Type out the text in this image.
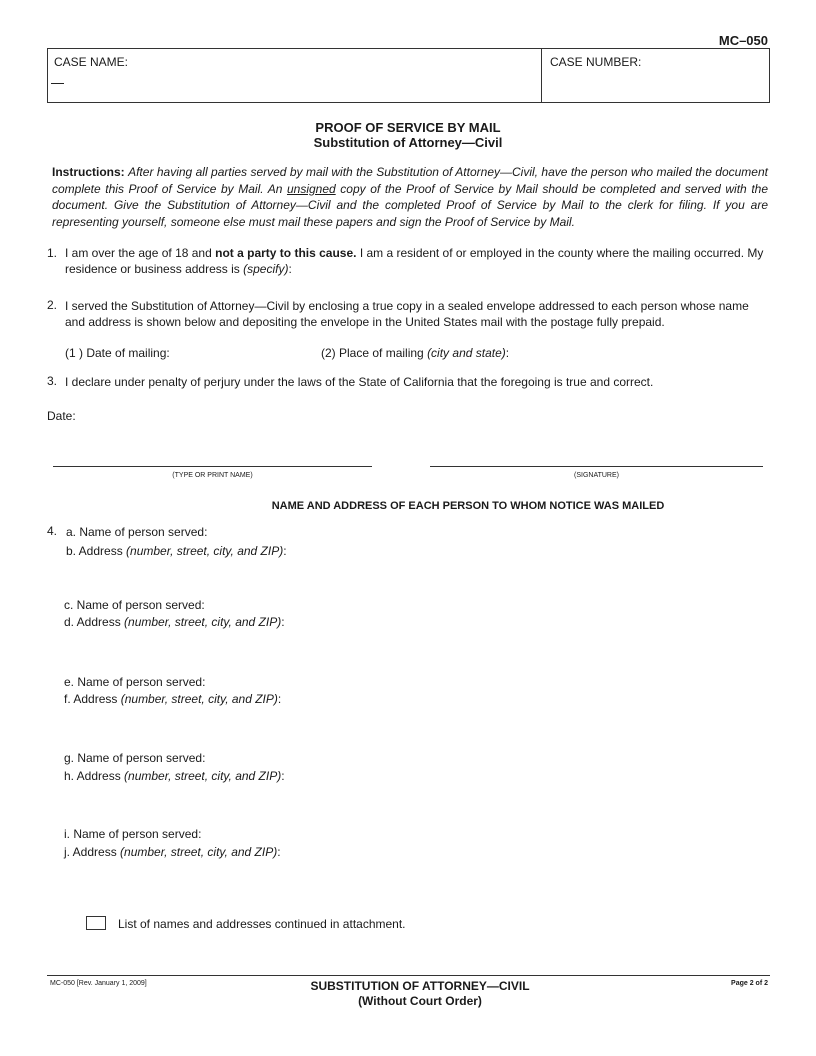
MC–050
CASE NAME:	CASE NUMBER:
PROOF OF SERVICE BY MAIL
Substitution of Attorney—Civil
Instructions: After having all parties served by mail with the Substitution of Attorney—Civil, have the person who mailed the document complete this Proof of Service by Mail. An unsigned copy of the Proof of Service by Mail should be completed and served with the document. Give the Substitution of Attorney—Civil and the completed Proof of Service by Mail to the clerk for filing. If you are representing yourself, someone else must mail these papers and sign the Proof of Service by Mail.
1. I am over the age of 18 and not a party to this cause. I am a resident of or employed in the county where the mailing occurred. My residence or business address is (specify):
2. I served the Substitution of Attorney—Civil by enclosing a true copy in a sealed envelope addressed to each person whose name and address is shown below and depositing the envelope in the United States mail with the postage fully prepaid.
(1 ) Date of mailing:	(2) Place of mailing (city and state):
3. I declare under penalty of perjury under the laws of the State of California that the foregoing is true and correct.
Date:
(TYPE OR PRINT NAME)	(SIGNATURE)
NAME AND ADDRESS OF EACH PERSON TO WHOM NOTICE WAS MAILED
4. a. Name of person served:
b. Address (number, street, city, and ZIP):
c. Name of person served:
d. Address (number, street, city, and ZIP):
e. Name of person served:
f. Address (number, street, city, and ZIP):
g. Name of person served:
h. Address (number, street, city, and ZIP):
i. Name of person served:
j. Address (number, street, city, and ZIP):
List of names and addresses continued in attachment.
MC-050 [Rev. January 1, 2009]	SUBSTITUTION OF ATTORNEY—CIVIL
(Without Court Order)
Page 2 of 2
